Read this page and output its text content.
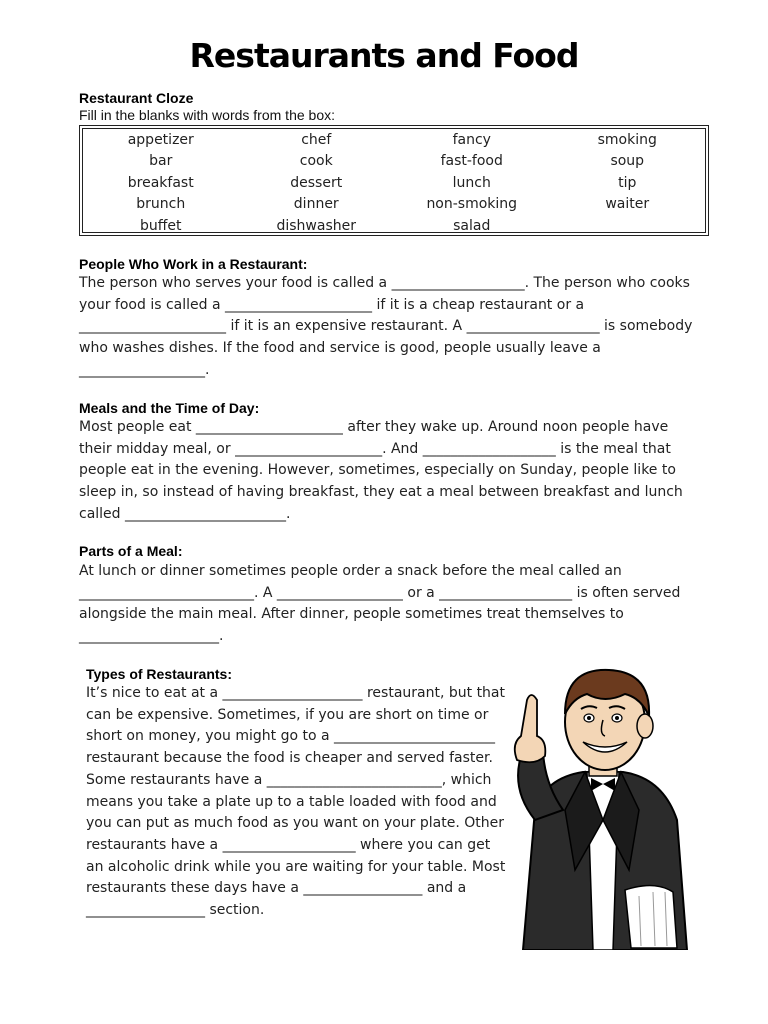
Restaurants and Food
Restaurant Cloze
Fill in the blanks with words from the box:
appetizer	chef	fancy	smoking
bar	cook	fast-food	soup
breakfast	dessert	lunch	tip
brunch	dinner	non-smoking	waiter
buffet	dishwasher	salad
People Who Work in a Restaurant:
The person who serves your food is called a ___________________. The person who cooks your food is called a _____________________ if it is a cheap restaurant or a _____________________ if it is an expensive restaurant. A ___________________ is somebody who washes dishes. If the food and service is good, people usually leave a __________________.
Meals and the Time of Day:
Most people eat _____________________ after they wake up. Around noon people have their midday meal, or _____________________. And ___________________ is the meal that people eat in the evening. However, sometimes, especially on Sunday, people like to sleep in, so instead of having breakfast, they eat a meal between breakfast and lunch called _______________________.
Parts of a Meal:
At lunch or dinner sometimes people order a snack before the meal called an _________________________. A __________________ or a ___________________ is often served alongside the main meal. After dinner, people sometimes treat themselves to ____________________.
Types of Restaurants:
It’s nice to eat at a ____________________ restaurant, but that can be expensive. Sometimes, if you are short on time or short on money, you might go to a _______________________ restaurant because the food is cheaper and served faster. Some restaurants have a _________________________, which means you take a plate up to a table loaded with food and you can put as much food as you want on your plate. Other restaurants have a ___________________ where you can get an alcoholic drink while you are waiting for your table. Most restaurants these days have a _________________ and a _________________ section.
